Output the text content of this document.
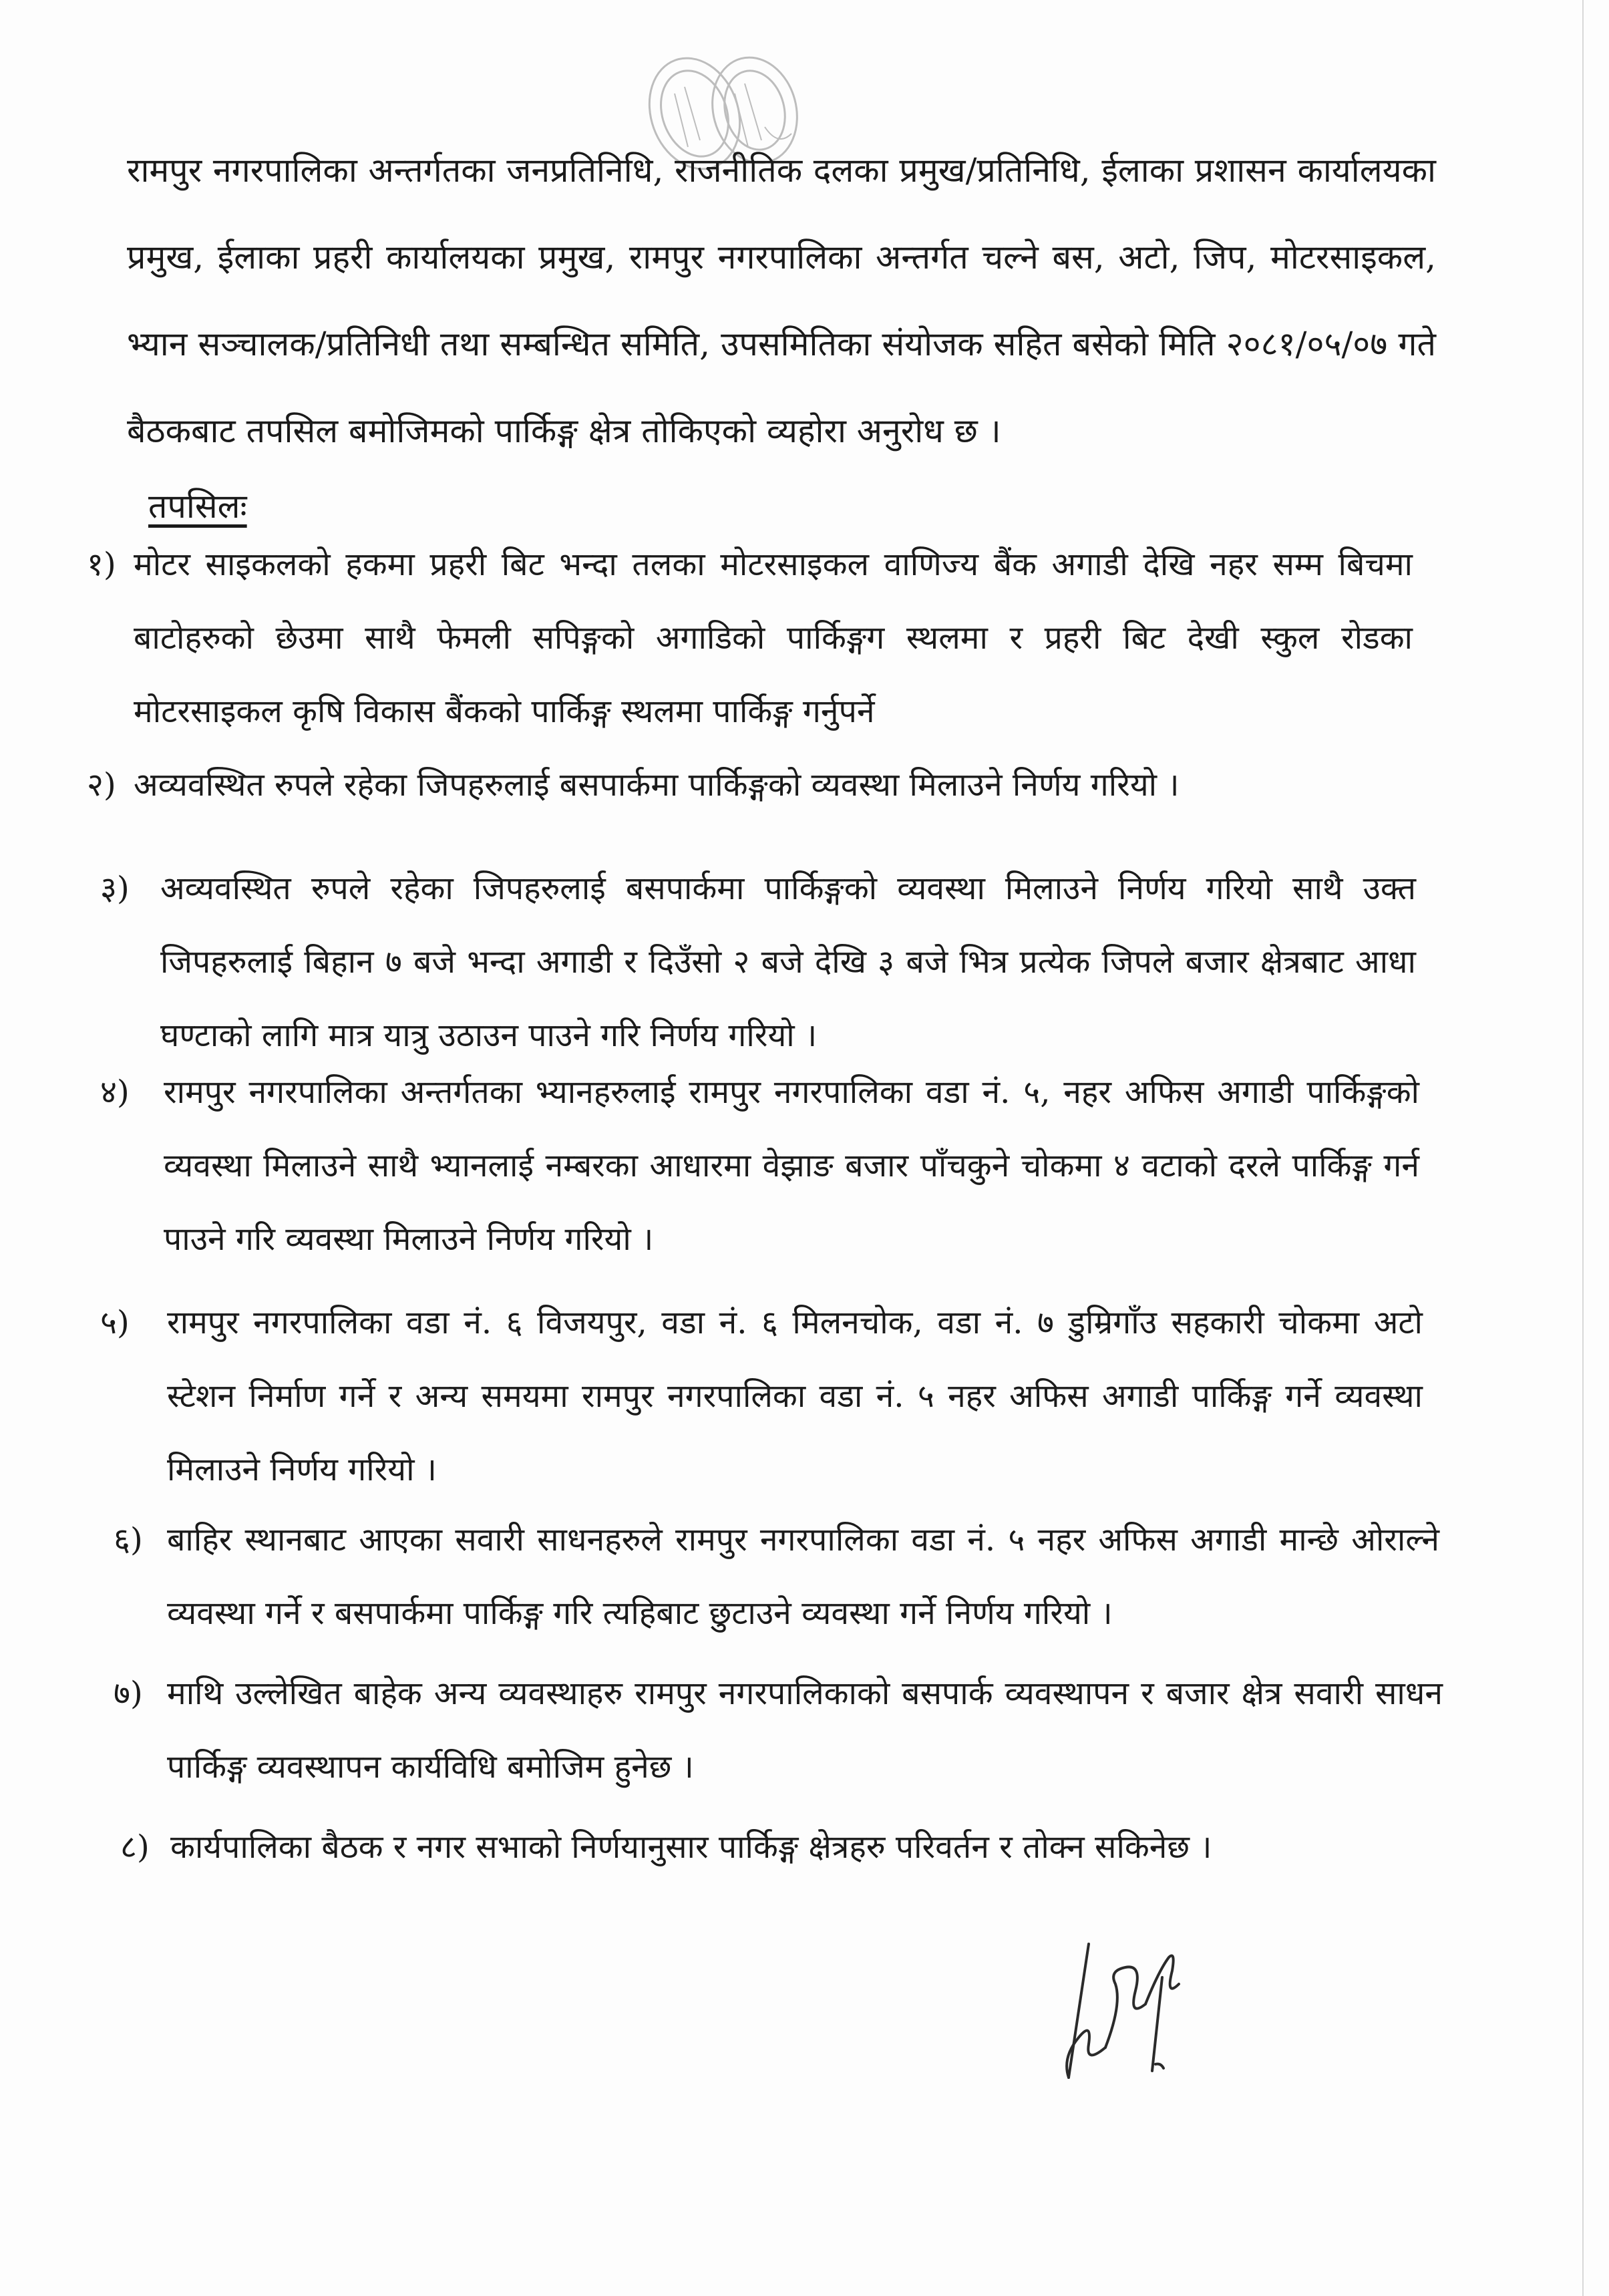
रामपुर नगरपालिका अन्तर्गतका जनप्रतिनिधि, राजनीतिक दलका प्रमुख/प्रतिनिधि, ईलाका प्रशासन कार्यालयका प्रमुख, ईलाका प्रहरी कार्यालयका प्रमुख, रामपुर नगरपालिका अन्तर्गत चल्ने बस, अटो, जिप, मोटरसाइकल, भ्यान सञ्चालक/प्रतिनिधी तथा सम्बन्धित समिति, उपसमितिका संयोजक सहित बसेको मिति २०८१/०५/०७ गते बैठकबाट तपसिल बमोजिमको पार्किङ्ग क्षेत्र तोकिएको व्यहोरा अनुरोध छ ।
तपसिलः
१) मोटर साइकलको हकमा प्रहरी बिट भन्दा तलका मोटरसाइकल वाणिज्य बैंक अगाडी देखि नहर सम्म बिचमा बाटोहरुको छेउमा साथै फेमली सपिङ्गको अगाडिको पार्किङ्गग स्थलमा र प्रहरी बिट देखी स्कुल रोडका मोटरसाइकल कृषि विकास बैंकको पार्किङ्ग स्थलमा पार्किङ्ग गर्नुपर्ने
२) अव्यवस्थित रुपले रहेका जिपहरुलाई बसपार्कमा पार्किङ्गको व्यवस्था मिलाउने निर्णय गरियो ।
३) अव्यवस्थित रुपले रहेका जिपहरुलाई बसपार्कमा पार्किङ्गको व्यवस्था मिलाउने निर्णय गरियो साथै उक्त जिपहरुलाई बिहान ७ बजे भन्दा अगाडी र दिउँसो २ बजे देखि ३ बजे भित्र प्रत्येक जिपले बजार क्षेत्रबाट आधा घण्टाको लागि मात्र यात्रु उठाउन पाउने गरि निर्णय गरियो ।
४)	रामपुर नगरपालिका अन्तर्गतका भ्यानहरुलाई रामपुर नगरपालिका वडा नं. ५, नहर अफिस अगाडी पार्किङ्गको व्यवस्था मिलाउने साथै भ्यानलाई नम्बरका आधारमा वेझाङ बजार पाँचकुने चोकमा ४ वटाको दरले पार्किङ्ग गर्न पाउने गरि व्यवस्था मिलाउने निर्णय गरियो ।
५)	रामपुर नगरपालिका वडा नं. ६ विजयपुर, वडा नं. ६ मिलनचोक, वडा नं. ७ डुम्रिगाँउ सहकारी चोकमा अटो स्टेशन निर्माण गर्ने र अन्य समयमा रामपुर नगरपालिका वडा नं. ५ नहर अफिस अगाडी पार्किङ्ग गर्ने व्यवस्था मिलाउने निर्णय गरियो ।
६) बाहिर स्थानबाट आएका सवारी साधनहरुले रामपुर नगरपालिका वडा नं. ५ नहर अफिस अगाडी मान्छे ओराल्ने व्यवस्था गर्ने र बसपार्कमा पार्किङ्ग गरि त्यहिबाट छुटाउने व्यवस्था गर्ने निर्णय गरियो ।
७) माथि उल्लेखित बाहेक अन्य व्यवस्थाहरु रामपुर नगरपालिकाको बसपार्क व्यवस्थापन र बजार क्षेत्र सवारी साधन पार्किङ्ग व्यवस्थापन कार्यविधि बमोजिम हुनेछ ।
८) कार्यपालिका बैठक र नगर सभाको निर्णयानुसार पार्किङ्ग क्षेत्रहरु परिवर्तन र तोक्न सकिनेछ ।
